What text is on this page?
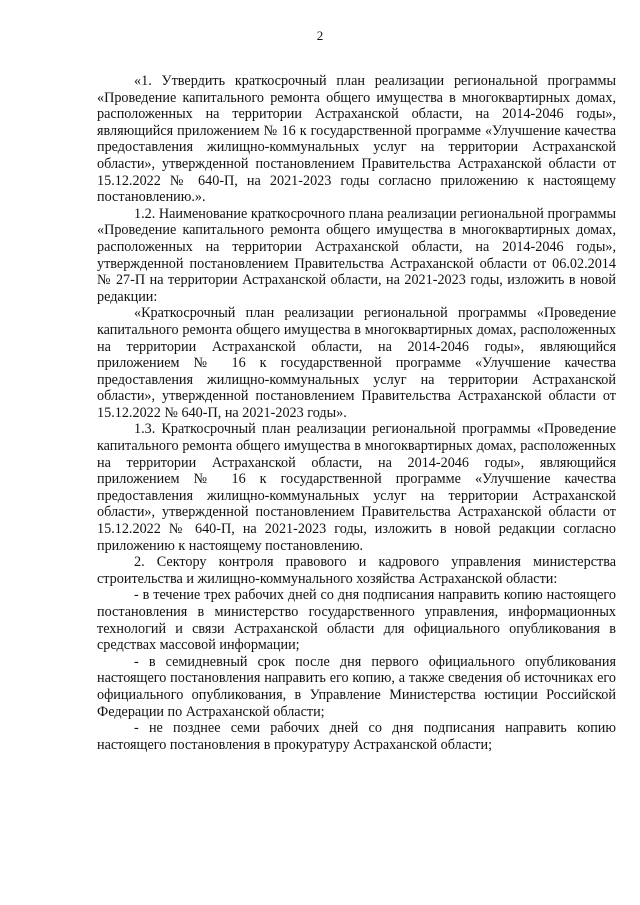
2

«1. Утвердить краткосрочный план реализации региональной программы «Проведение капитального ремонта общего имущества в многоквартирных домах, расположенных на территории Астраханской области, на 2014-2046 годы», являющийся приложением № 16 к государственной программе «Улучшение качества предоставления жилищно-коммунальных услуг на территории Астраханской области», утвержденной постановлением Правительства Астраханской области от 15.12.2022 № 640-П, на 2021-2023 годы согласно приложению к настоящему постановлению.».

1.2. Наименование краткосрочного плана реализации региональной программы «Проведение капитального ремонта общего имущества в многоквартирных домах, расположенных на территории Астраханской области, на 2014-2046 годы», утвержденной постановлением Правительства Астраханской области от 06.02.2014 № 27-П на территории Астраханской области, на 2021-2023 годы, изложить в новой редакции:

«Краткосрочный план реализации региональной программы «Проведение капитального ремонта общего имущества в многоквартирных домах, расположенных на территории Астраханской области, на 2014-2046 годы», являющийся приложением № 16 к государственной программе «Улучшение качества предоставления жилищно-коммунальных услуг на территории Астраханской области», утвержденной постановлением Правительства Астраханской области от 15.12.2022 № 640-П, на 2021-2023 годы».

1.3. Краткосрочный план реализации региональной программы «Проведение капитального ремонта общего имущества в многоквартирных домах, расположенных на территории Астраханской области, на 2014-2046 годы», являющийся приложением № 16 к государственной программе «Улучшение качества предоставления жилищно-коммунальных услуг на территории Астраханской области», утвержденной постановлением Правительства Астраханской области от 15.12.2022 № 640-П, на 2021-2023 годы, изложить в новой редакции согласно приложению к настоящему постановлению.

2. Сектору контроля правового и кадрового управления министерства строительства и жилищно-коммунального хозяйства Астраханской области:

- в течение трех рабочих дней со дня подписания направить копию настоящего постановления в министерство государственного управления, информационных технологий и связи Астраханской области для официального опубликования в средствах массовой информации;

- в семидневный срок после дня первого официального опубликования настоящего постановления направить его копию, а также сведения об источниках его официального опубликования, в Управление Министерства юстиции Российской Федерации по Астраханской области;

- не позднее семи рабочих дней со дня подписания направить копию настоящего постановления в прокуратуру Астраханской области;
